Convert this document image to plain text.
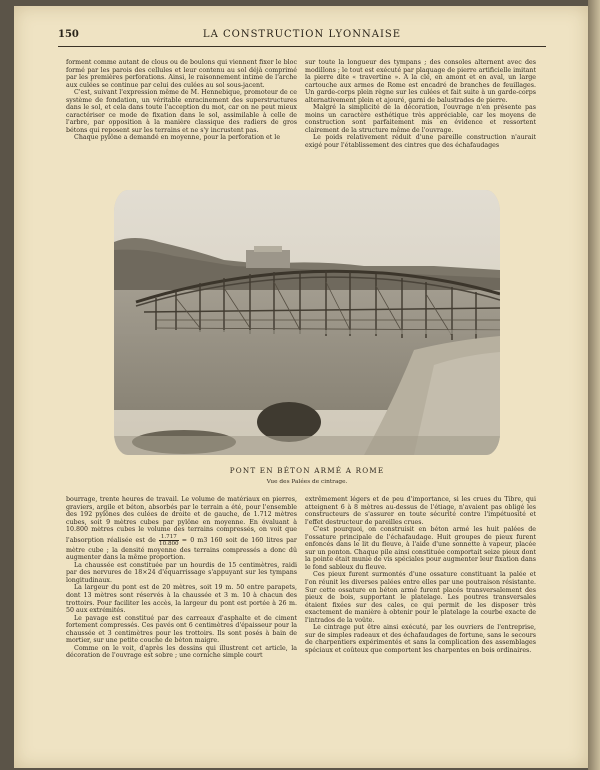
150	LA CONSTRUCTION LYONNAISE

forment comme autant de clous ou de boulons qui viennent fixer le bloc formé par les parois des cellules et leur contenu au sol déjà comprimé par les premières perforations. Ainsi, le raisonnement intime de l'arche aux culées se continue par celui des culées au sol sous-jacent.

C'est, suivant l'expression même de M. Hennebique, promoteur de ce système de fondation, un véritable enracinement des superstructures dans le sol, et cela dans toute l'acception du mot, car on ne peut mieux caractériser ce mode de fixation dans le sol, assimilable à celle de l'arbre, par opposition à la manière classique des radiers de gros bétons qui reposent sur les terrains et ne s'y incrustent pas.

Chaque pylône a demandé en moyenne, pour la perforation et le

sur toute la longueur des tympans ; des consoles alternent avec des modillons ; le tout est exécuté par plaquage de pierre artificielle imitant la pierre dite « travertine ». A la clé, en amont et en aval, un large cartouche aux armes de Rome est encadré de branches de feuillages. Un garde-corps plein règne sur les culées et fait suite à un garde-corps alternativement plein et ajouré, garni de balustrades de pierre.

Malgré la simplicité de la décoration, l'ouvrage n'en présente pas moins un caractère esthétique très appréciable, car les moyens de construction sont parfaitement mis en évidence et ressortent clairement de la structure même de l'ouvrage.

Le poids relativement réduit d'une pareille construction n'aurait exigé pour l'établissement des cintres que des échafaudages

PONT EN BÉTON ARMÉ A ROME
Vue des Palées de cintrage.

bourrage, trente heures de travail. Le volume de matériaux en pierres, graviers, argile et béton, absorbés par le terrain a été, pour l'ensemble des 192 pylônes des culées de droite et de gauche, de 1.712 mètres cubes, soit 9 mètres cubes par pylône en moyenne. En évaluant à 10.800 mètres cubes le volume des terrains compressés, on voit que l'absorption réalisée est de $\frac{1.717}{10.800} = 0$ m3 160 soit de 160 litres par mètre cube ; la densité moyenne des terrains compressés a donc dû augmenter dans la même proportion.

La chaussée est constituée par un hourdis de 15 centimètres, raidi par des nervures de 18×24 d'équarrissage s'appuyant sur les tympans longitudinaux.

La largeur du pont est de 20 mètres, soit 19 m. 50 entre parapets, dont 13 mètres sont réservés à la chaussée et 3 m. 10 à chacun des trottoirs. Pour faciliter les accès, la largeur du pont est portée à 26 m. 50 aux extrémités.

Le pavage est constitué par des carreaux d'asphalte et de ciment fortement compressés. Ces pavés ont 6 centimètres d'épaisseur pour la chaussée et 3 centimètres pour les trottoirs. Ils sont posés à bain de mortier, sur une petite couche de béton maigre.

Comme on le voit, d'après les dessins qui illustrent cet article, la décoration de l'ouvrage est sobre ; une corniche simple court

extrêmement légers et de peu d'importance, si les crues du Tibre, qui atteignent 6 à 8 mètres au-dessus de l'étiage, n'avaient pas obligé les constructeurs de s'assurer en toute sécurité contre l'impétuosité et l'effet destructeur de pareilles crues.

C'est pourquoi, on construisit en béton armé les huit palées de l'ossature principale de l'échafaudage. Huit groupes de pieux furent enfoncés dans le lit du fleuve, à l'aide d'une sonnette à vapeur, placée sur un ponton. Chaque pile ainsi constituée comportait seize pieux dont la pointe était munie de vis spéciales pour augmenter leur fixation dans le fond sableux du fleuve.

Ces pieux furent surmontés d'une ossature constituant la palée et l'on réunit les diverses palées entre elles par une poutraison résistante. Sur cette ossature en béton armé furent placés transversalement des pieux de bois, supportant le platelage. Les poutres transversales étaient fixées sur des cales, ce qui permit de les disposer très exactement de manière à obtenir pour le platelage la courbe exacte de l'intrados de la voûte.

Le cintrage put être ainsi exécuté, par les ouvriers de l'entreprise, sur de simples radeaux et des échafaudages de fortune, sans le secours de charpentiers expérimentés et sans la complication des assemblages spéciaux et coûteux que comportent les charpentes en bois ordinaires.
